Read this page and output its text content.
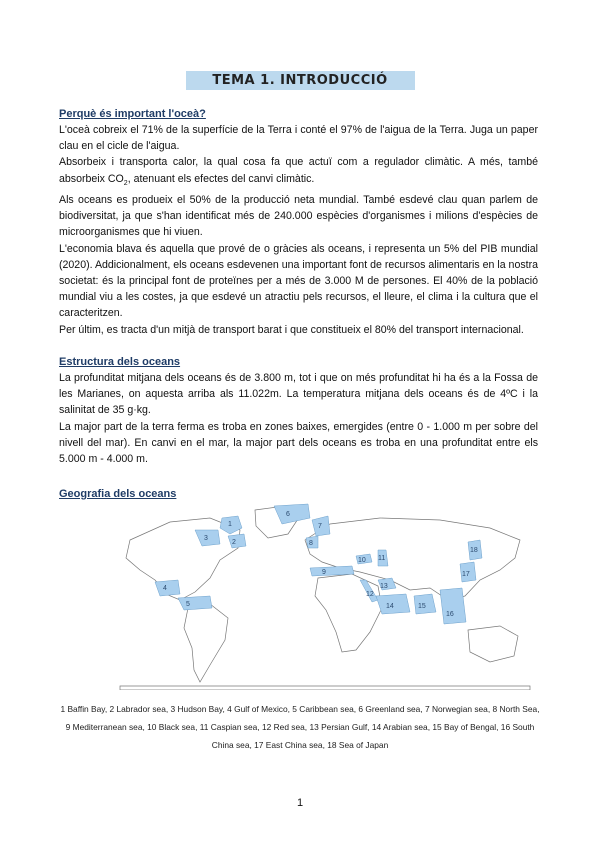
TEMA 1. INTRODUCCIÓ

Perquè és important l'oceà?

L'oceà cobreix el 71% de la superfície de la Terra i conté el 97% de l'aigua de la Terra. Juga un paper clau en el cicle de l'aigua.

Absorbeix i transporta calor, la qual cosa fa que actuï com a regulador climàtic. A més, també absorbeix $CO_2$, atenuant els efectes del canvi climàtic.

Als oceans es produeix el 50% de la producció neta mundial. També esdevé clau quan parlem de biodiversitat, ja que s'han identificat més de 240.000 espècies d'organismes i milions d'espècies de microorganismes que hi viuen.

L'economia blava és aquella que prové de o gràcies als oceans, i representa un 5% del PIB mundial (2020). Addicionalment, els oceans esdevenen una important font de recursos alimentaris en la nostra societat: és la principal font de proteïnes per a més de 3.000 M de persones. El 40% de la població mundial viu a les costes, ja que esdevé un atractiu pels recursos, el lleure, el clima i la cultura que el caracteritzen.

Per últim, es tracta d'un mitjà de transport barat i que constitueix el 80% del transport internacional.

Estructura dels oceans

La profunditat mitjana dels oceans és de 3.800 m, tot i que on més profunditat hi ha és a la Fossa de les Marianes, on aquesta arriba als 11.022m. La temperatura mitjana dels oceans és de 4ºC i la salinitat de 35 g·kg.

La major part de la terra ferma es troba en zones baixes, emergides (entre 0 - 1.000 m per sobre del nivell del mar). En canvi en el mar, la major part dels oceans es troba en una profunditat entre els 5.000 m - 4.000 m.

Geografia dels oceans

1
2
3
4
5
6
7
8
9
10 11
12
13
14	15
16
17
18
1 Baffin Bay, 2 Labrador sea, 3 Hudson Bay, 4 Gulf of Mexico, 5 Caribbean sea, 6 Greenland sea, 7 Norwegian sea, 8 North Sea, 9 Mediterranean sea, 10 Black sea, 11 Caspian sea, 12 Red sea, 13 Persian Gulf, 14 Arabian sea, 15 Bay of Bengal, 16 South China sea, 17 East China sea, 18 Sea of Japan
1
